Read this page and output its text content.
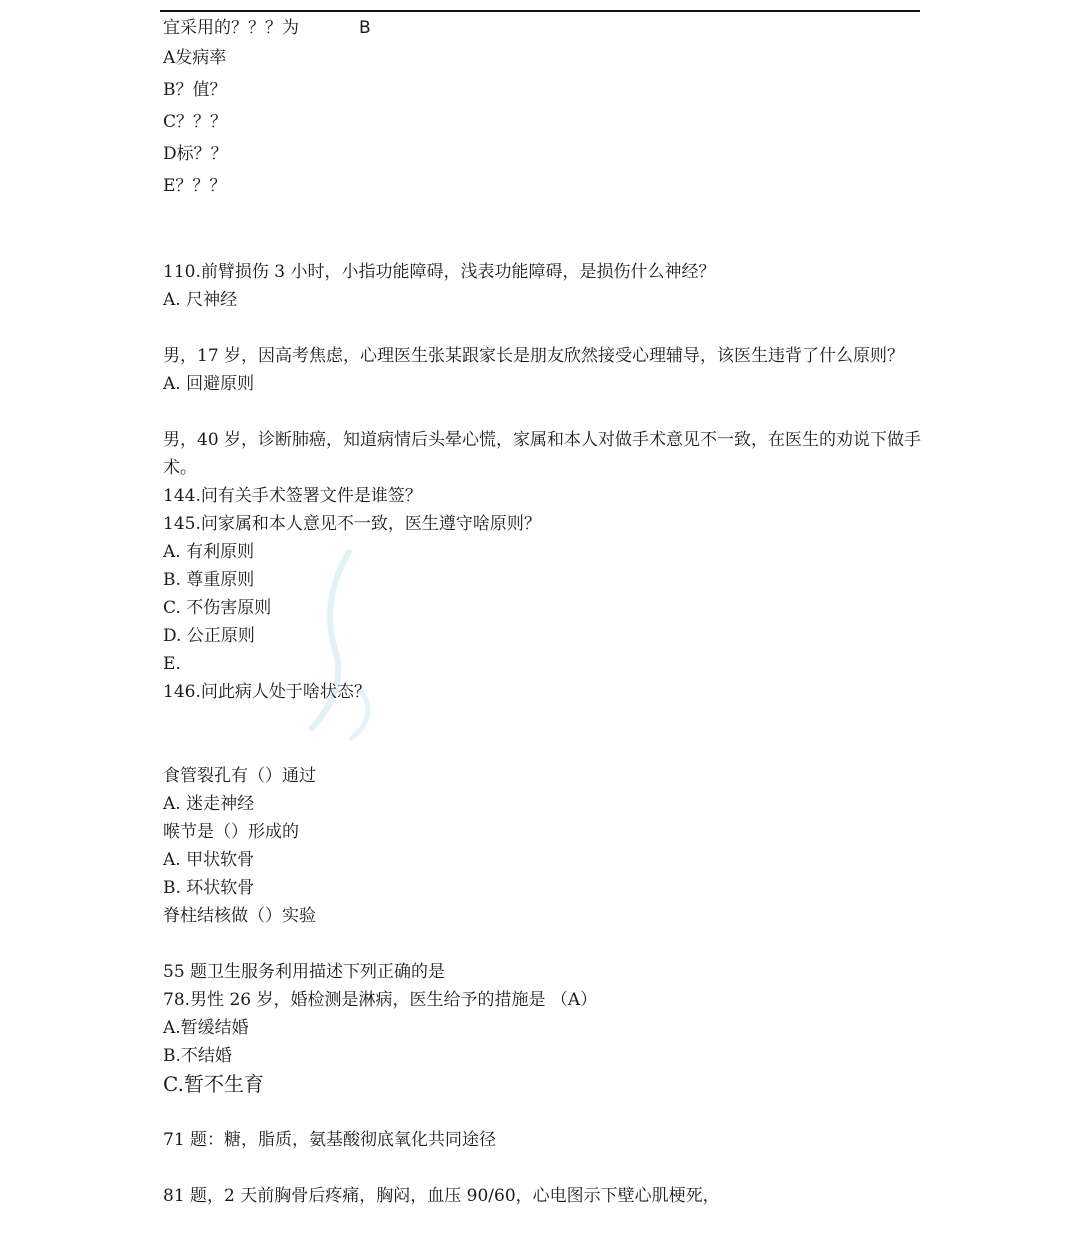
宜采用的？？？为	B
A发病率
B？值？
C？？？
D标？？
E？？？
110.前臂损伤 3 小时，小指功能障碍，浅表功能障碍，是损伤什么神经？
A. 尺神经
男，17 岁，因高考焦虑，心理医生张某跟家长是朋友欣然接受心理辅导，该医生违背了什么原则？
A. 回避原则
男，40 岁，诊断肺癌，知道病情后头晕心慌，家属和本人对做手术意见不一致，在医生的劝说下做手术。
144.问有关手术签署文件是谁签？
145.问家属和本人意见不一致，医生遵守啥原则？
A. 有利原则
B. 尊重原则
C. 不伤害原则
D. 公正原则
E.
146.问此病人处于啥状态？
食管裂孔有（）通过
A. 迷走神经
喉节是（）形成的
A. 甲状软骨
B. 环状软骨
脊柱结核做（）实验
55 题卫生服务利用描述下列正确的是
78.男性 26 岁，婚检测是淋病，医生给予的措施是 （A）
A.暂缓结婚
B.不结婚
C.暂不生育
71 题：糖，脂质，氨基酸彻底氧化共同途径
81 题，2 天前胸骨后疼痛，胸闷，血压 90/60，心电图示下壁心肌梗死，
